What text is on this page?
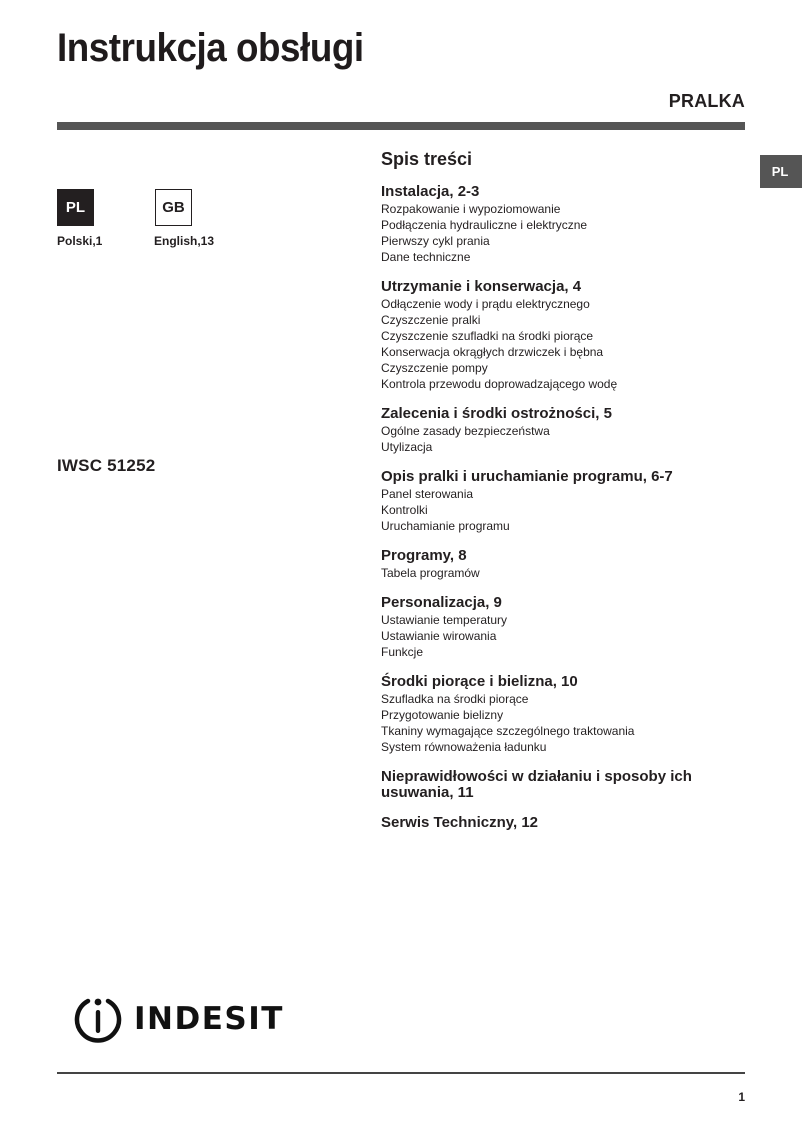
Instrukcja obsługi
PRALKA
PL
PL
Polski,1
GB
English,13
IWSC 51252
Spis treści
Instalacja, 2-3
Rozpakowanie i wypoziomowanie
Podłączenia hydrauliczne i elektryczne
Pierwszy cykl prania
Dane techniczne
Utrzymanie i konserwacja, 4
Odłączenie wody i prądu elektrycznego
Czyszczenie pralki
Czyszczenie szufladki na środki piorące
Konserwacja okrągłych drzwiczek i bębna
Czyszczenie pompy
Kontrola przewodu doprowadzającego wodę
Zalecenia i środki ostrożności, 5
Ogólne zasady bezpieczeństwa
Utylizacja
Opis pralki i uruchamianie programu, 6-7
Panel sterowania
Kontrolki
Uruchamianie programu
Programy, 8
Tabela programów
Personalizacja, 9
Ustawianie temperatury
Ustawianie wirowania
Funkcje
Środki piorące i bielizna, 10
Szufladka na środki piorące
Przygotowanie bielizny
Tkaniny wymagające szczególnego traktowania
System równoważenia ładunku
Nieprawidłowości w działaniu i sposoby ich usuwania, 11
Serwis Techniczny, 12
INDESIT
1
